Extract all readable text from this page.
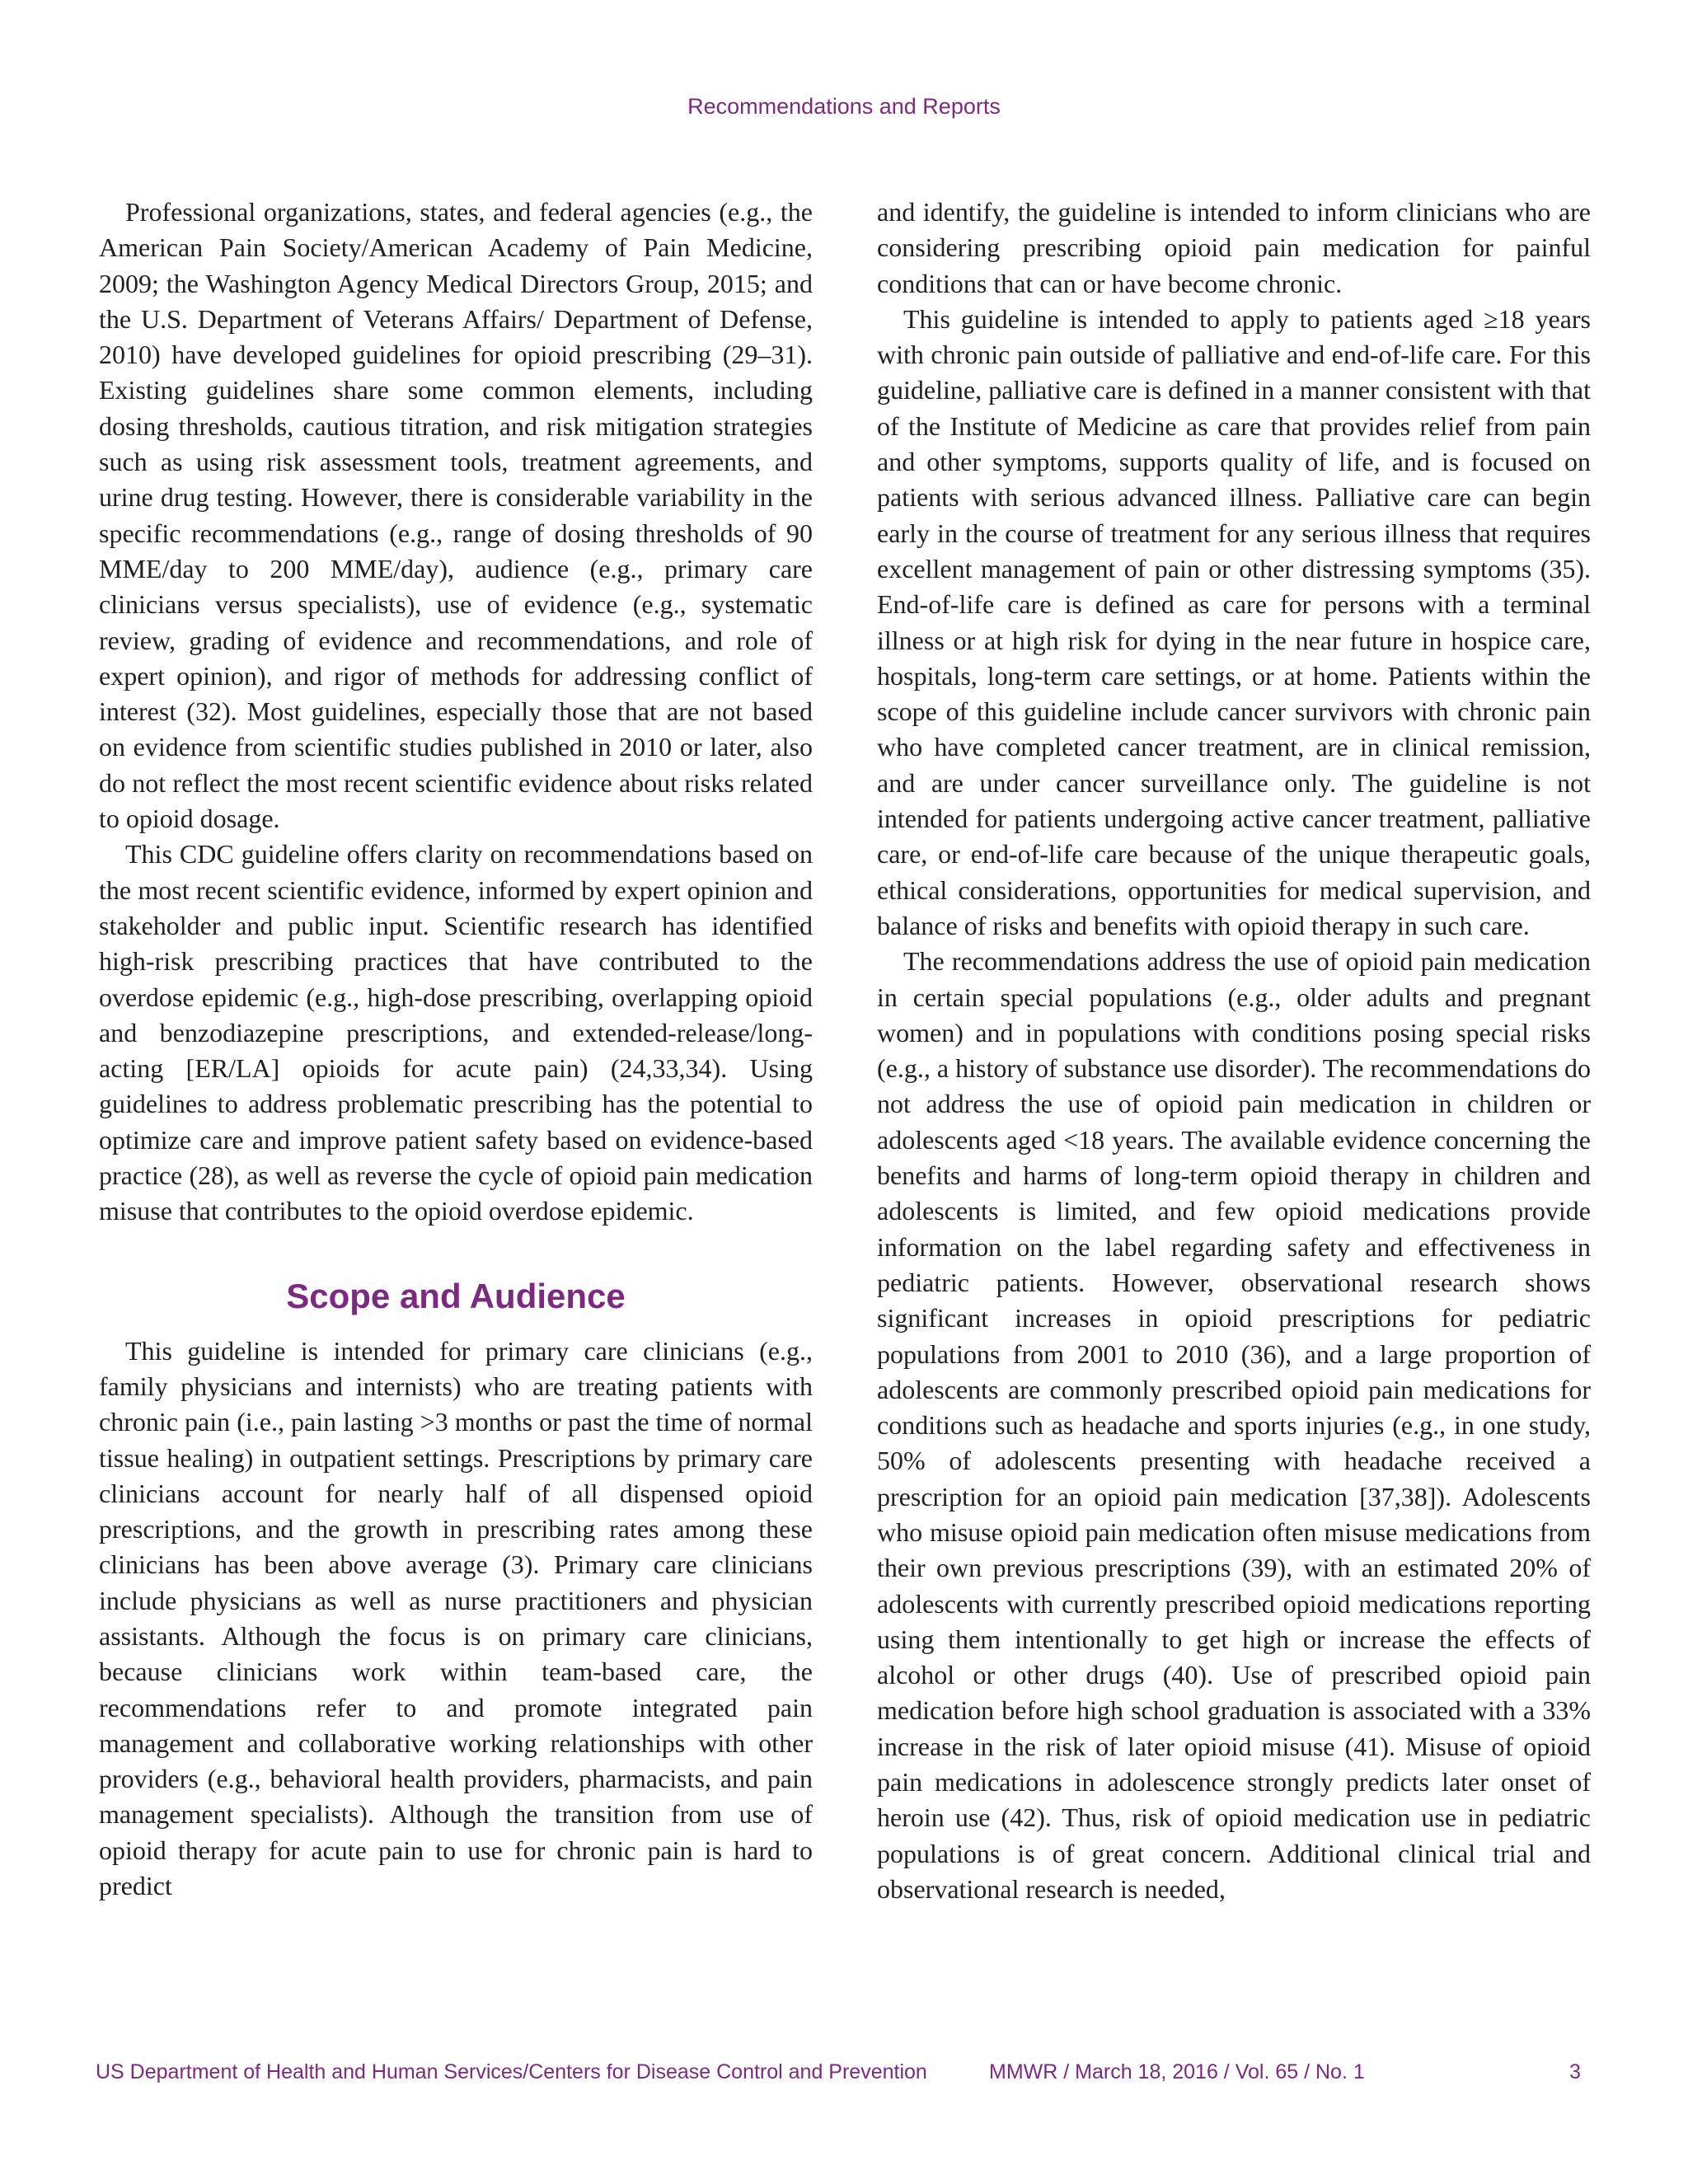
Recommendations and Reports

Professional organizations, states, and federal agencies (e.g., the American Pain Society/American Academy of Pain Medicine, 2009; the Washington Agency Medical Directors Group, 2015; and the U.S. Department of Veterans Affairs/ Department of Defense, 2010) have developed guidelines for opioid prescribing (29–31). Existing guidelines share some common elements, including dosing thresholds, cautious titration, and risk mitigation strategies such as using risk assessment tools, treatment agreements, and urine drug testing. However, there is considerable variability in the specific recommendations (e.g., range of dosing thresholds of 90 MME/day to 200 MME/day), audience (e.g., primary care clinicians versus specialists), use of evidence (e.g., systematic review, grading of evidence and recommendations, and role of expert opinion), and rigor of methods for addressing conflict of interest (32). Most guidelines, especially those that are not based on evidence from scientific studies published in 2010 or later, also do not reflect the most recent scientific evidence about risks related to opioid dosage.

This CDC guideline offers clarity on recommendations based on the most recent scientific evidence, informed by expert opinion and stakeholder and public input. Scientific research has identified high-risk prescribing practices that have contributed to the overdose epidemic (e.g., high-dose prescribing, overlapping opioid and benzodiazepine prescriptions, and extended-release/long-acting [ER/LA] opioids for acute pain) (24,33,34). Using guidelines to address problematic prescribing has the potential to optimize care and improve patient safety based on evidence-based practice (28), as well as reverse the cycle of opioid pain medication misuse that contributes to the opioid overdose epidemic.

Scope and Audience

This guideline is intended for primary care clinicians (e.g., family physicians and internists) who are treating patients with chronic pain (i.e., pain lasting >3 months or past the time of normal tissue healing) in outpatient settings. Prescriptions by primary care clinicians account for nearly half of all dispensed opioid prescriptions, and the growth in prescribing rates among these clinicians has been above average (3). Primary care clinicians include physicians as well as nurse practitioners and physician assistants. Although the focus is on primary care clinicians, because clinicians work within team-based care, the recommendations refer to and promote integrated pain management and collaborative working relationships with other providers (e.g., behavioral health providers, pharmacists, and pain management specialists). Although the transition from use of opioid therapy for acute pain to use for chronic pain is hard to predict

and identify, the guideline is intended to inform clinicians who are considering prescribing opioid pain medication for painful conditions that can or have become chronic.

This guideline is intended to apply to patients aged ≥18 years with chronic pain outside of palliative and end-of-life care. For this guideline, palliative care is defined in a manner consistent with that of the Institute of Medicine as care that provides relief from pain and other symptoms, supports quality of life, and is focused on patients with serious advanced illness. Palliative care can begin early in the course of treatment for any serious illness that requires excellent management of pain or other distressing symptoms (35). End-of-life care is defined as care for persons with a terminal illness or at high risk for dying in the near future in hospice care, hospitals, long-term care settings, or at home. Patients within the scope of this guideline include cancer survivors with chronic pain who have completed cancer treatment, are in clinical remission, and are under cancer surveillance only. The guideline is not intended for patients undergoing active cancer treatment, palliative care, or end-of-life care because of the unique therapeutic goals, ethical considerations, opportunities for medical supervision, and balance of risks and benefits with opioid therapy in such care.

The recommendations address the use of opioid pain medication in certain special populations (e.g., older adults and pregnant women) and in populations with conditions posing special risks (e.g., a history of substance use disorder). The recommendations do not address the use of opioid pain medication in children or adolescents aged <18 years. The available evidence concerning the benefits and harms of long-term opioid therapy in children and adolescents is limited, and few opioid medications provide information on the label regarding safety and effectiveness in pediatric patients. However, observational research shows significant increases in opioid prescriptions for pediatric populations from 2001 to 2010 (36), and a large proportion of adolescents are commonly prescribed opioid pain medications for conditions such as headache and sports injuries (e.g., in one study, 50% of adolescents presenting with headache received a prescription for an opioid pain medication [37,38]). Adolescents who misuse opioid pain medication often misuse medications from their own previous prescriptions (39), with an estimated 20% of adolescents with currently prescribed opioid medications reporting using them intentionally to get high or increase the effects of alcohol or other drugs (40). Use of prescribed opioid pain medication before high school graduation is associated with a 33% increase in the risk of later opioid misuse (41). Misuse of opioid pain medications in adolescence strongly predicts later onset of heroin use (42). Thus, risk of opioid medication use in pediatric populations is of great concern. Additional clinical trial and observational research is needed,

US Department of Health and Human Services/Centers for Disease Control and Prevention	MMWR / March 18, 2016 / Vol. 65 / No. 1	3
